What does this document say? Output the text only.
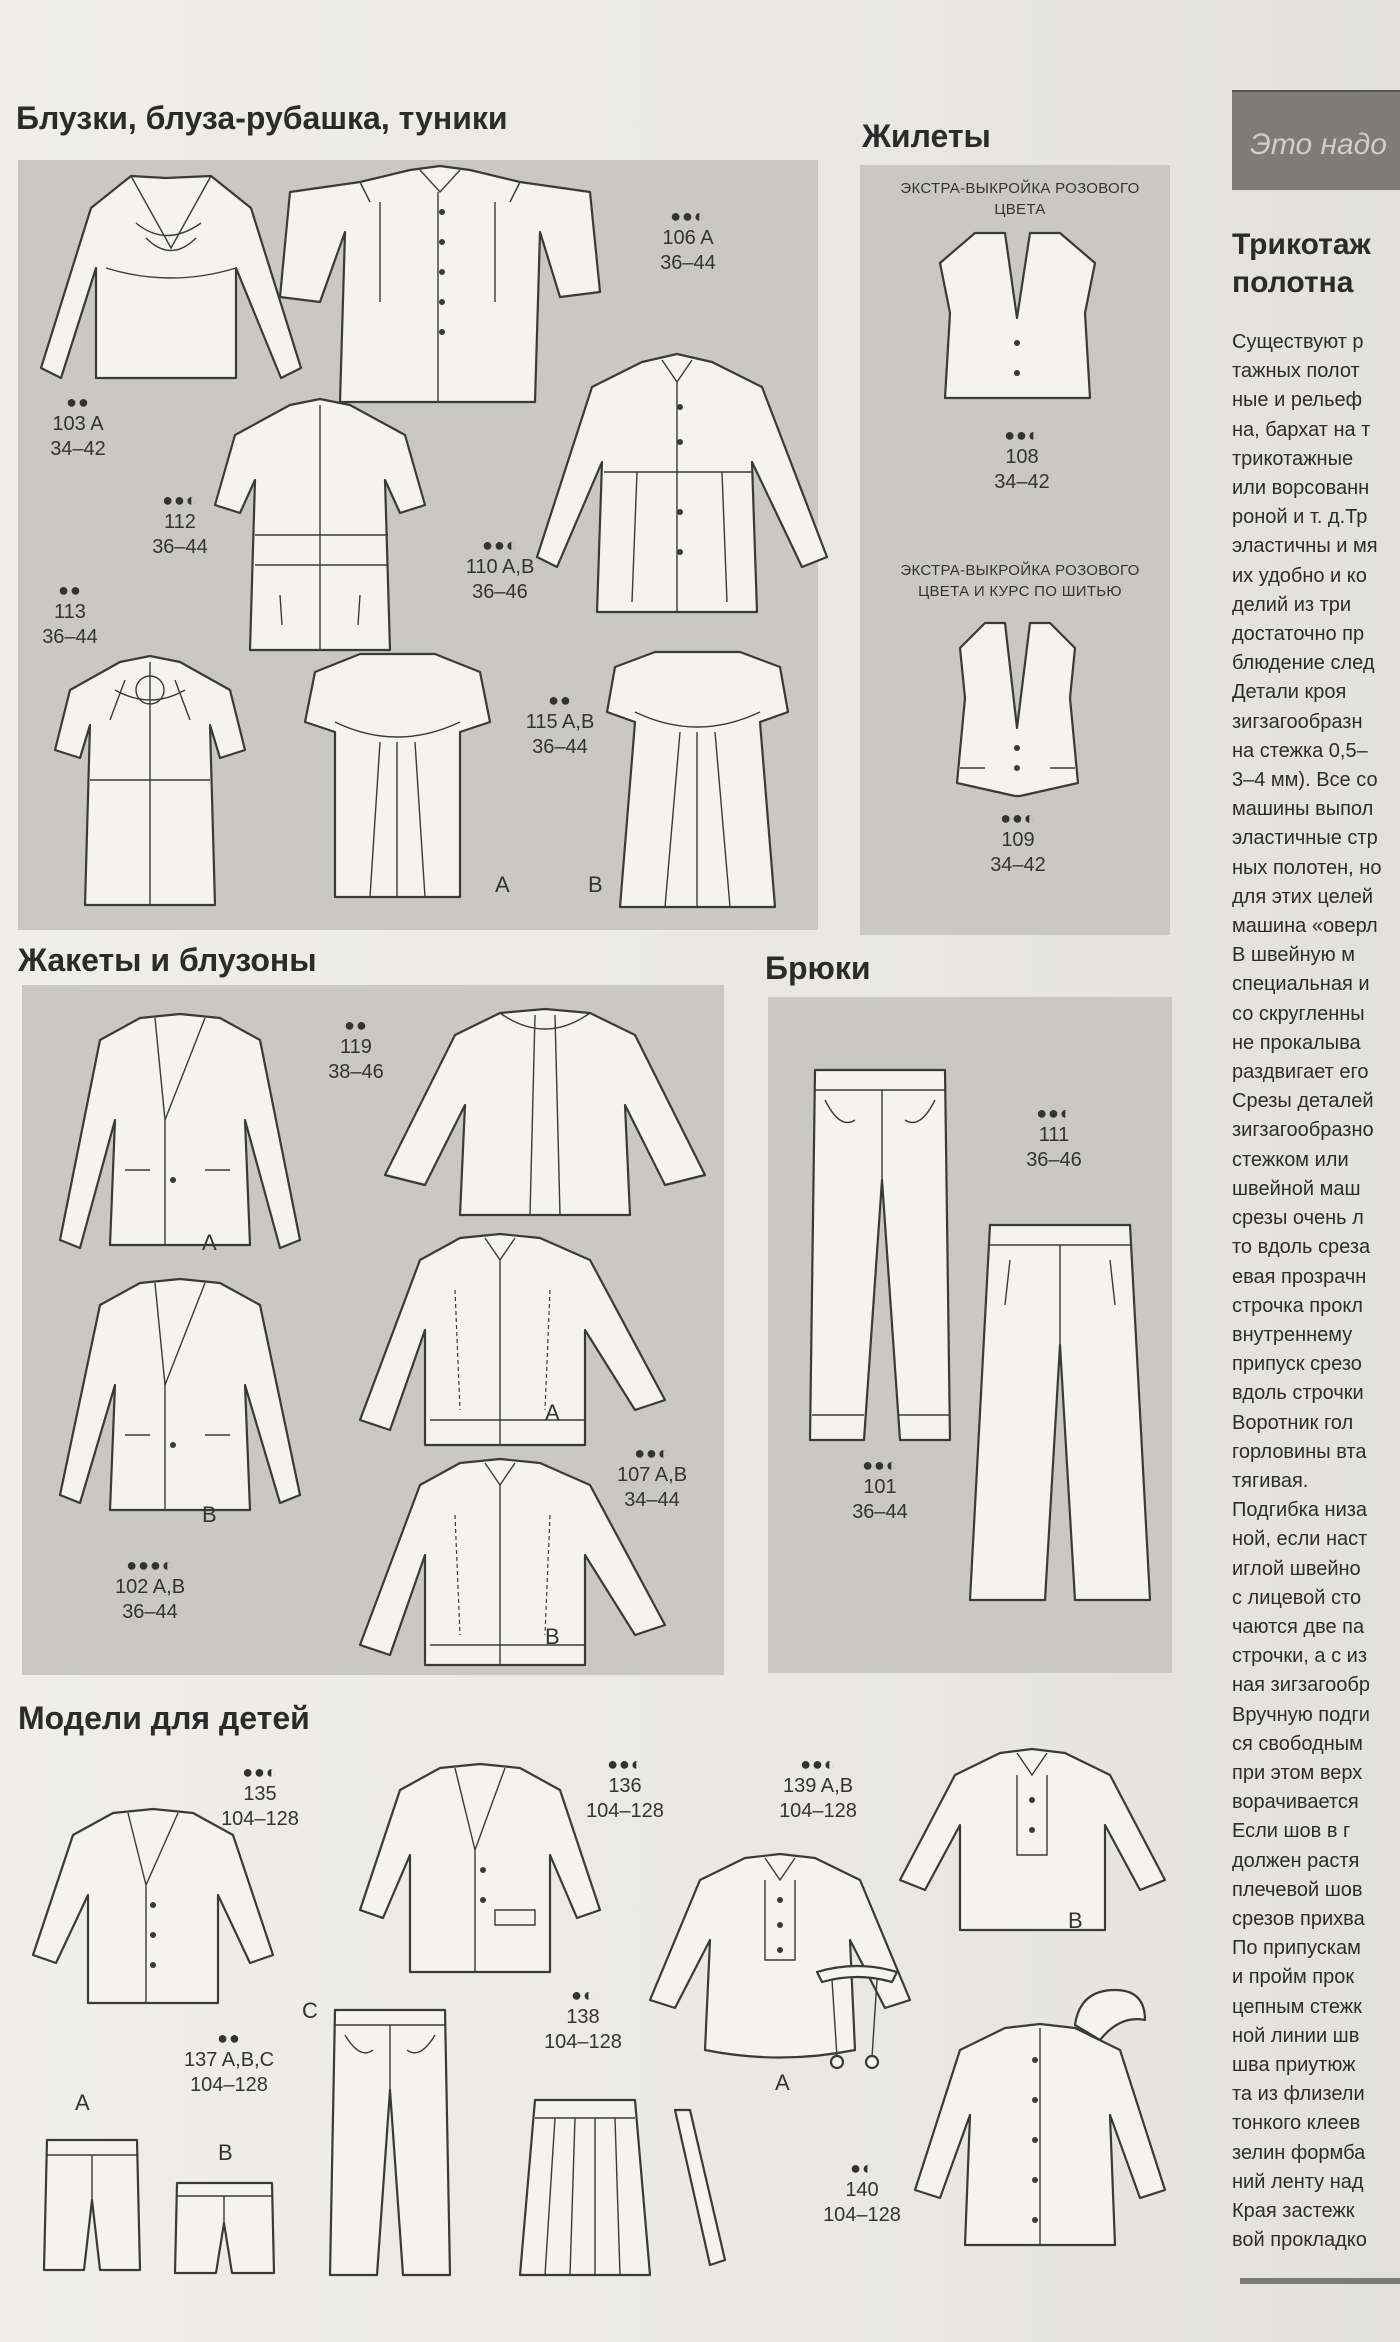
Блузки, блуза-рубашка, туники
●●
103 A
34–42
●●◐
106 A
36–44
●●◐
112
36–44	●●◐
110 A,B
36–46
●●
113
36–44
●●
115 A,B
36–44
A	B
Жилеты
ЭКСТРА-ВЫКРОЙКА РОЗОВОГО ЦВЕТА
●●◐
108
34–42
ЭКСТРА-ВЫКРОЙКА РОЗОВОГО ЦВЕТА И КУРС ПО ШИТЬЮ
●●◐
109
34–42
Жакеты и блузоны
A
B
●●●◐
102 A,B
36–44
●●
119
38–46
A
B
●●◐
107 A,B
34–44
Брюки
●●◐
101
36–44
●●◐
111
36–46
Модели для детей
●●◐
135
104–128
●●◐
136
104–128
●●◐
139 A,B
104–128
A
B
●●
137 A,B,C
104–128
A
B
C
●◐
138
104–128
●◐
140
104–128
Это надо
Трикотаж
полотна
Существуют р
тажных полот
ные и рельеф
на, бархат на т
трикотажные
или ворсованн
роной и т. д.Тр
эластичны и мя
их удобно и ко
делий из три
достаточно пр
блюдение след
Детали кроя
зигзагообразн
на стежка 0,5–
3–4 мм). Все со
машины выпол
эластичные стр
ных полотен, но
для этих целей
машина «оверл
В швейную м
специальная и
со скругленны
не прокалыва
раздвигает его
Срезы деталей
зигзагообразно
стежком или
швейной маш
срезы очень л
то вдоль среза
евая прозрачн
строчка прокл
внутреннему
припуск срезо
вдоль строчки
Воротник гол
горловины вта
тягивая.
Подгибка низа
ной, если наст
иглой швейно
с лицевой сто
чаются две па
строчки, а с из
ная зигзагообр
Вручную подги
ся свободным
при этом верх
ворачивается
Если шов в г
должен растя
плечевой шов
срезов прихва
По припускам
и пройм прок
цепным стежк
ной линии шв
шва приутюж
та из флизели
тонкого клеев
зелин формба
ний ленту над
Края застежк
вой прокладко
